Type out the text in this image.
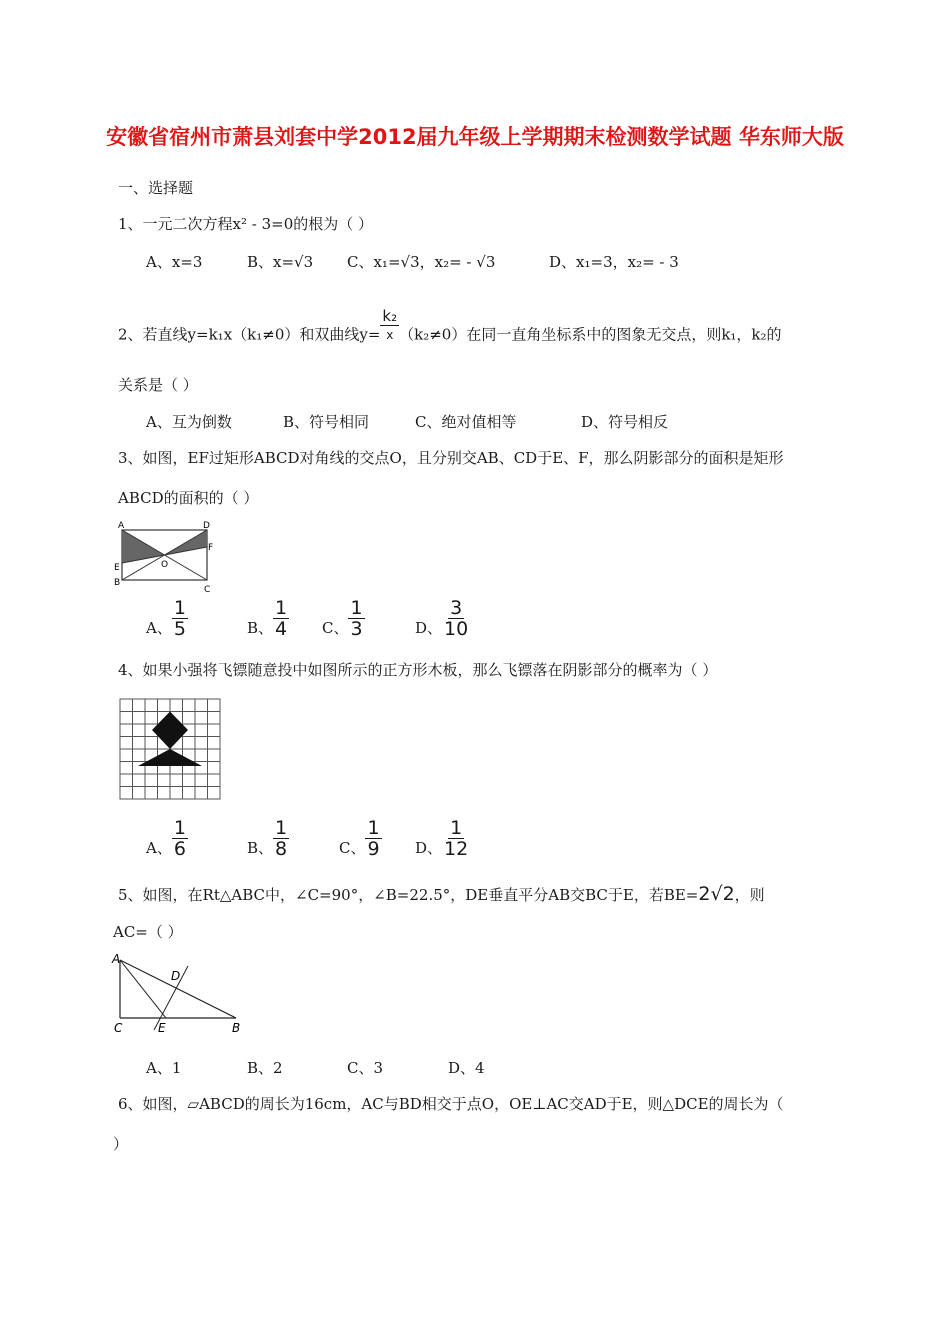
安徽省宿州市萧县刘套中学2012届九年级上学期期末检测数学试题 华东师大版
一、选择题
1、一元二次方程x² - 3=0的根为（ ）
A、x=3	B、x=√3 C、x₁=√3，x₂= - √3	D、x₁=3，x₂= - 3
2、若直线y=k₁x（k₁≠0）和双曲线$y= \frac{\text{k₂}}{x} (k_2\ne 0)$在同一直角坐标系中的图象无交点，则k₁，k₂的
关系是（ ）
A、互为倒数	B、符号相同	C、绝对值相等	D、符号相反
3、如图，EF过矩形ABCD对角线的交点O，且分别交AB、CD于E、F，那么阴影部分的面积是矩形
ABCD的面积的（ ）
A	D
F
E
B
C
O
A、 $\frac{1}{5}$	B、 $\frac{1}{4}$ C、 $\frac{1}{3}$	D、 $\frac{3}{10}$
4、如果小强将飞镖随意投中如图所示的正方形木板，那么飞镖落在阴影部分的概率为（ ）
A、 $\frac{1}{6}$	B、 $\frac{1}{8}$	C、 $\frac{1}{9}$ D、 $\frac{1}{12}$
5、如图，在Rt△ABC中，∠C=90°，∠B=22.5°，DE垂直平分AB交BC于E，若BE=2√2，则
AC=（ ）
A
D
C	E	B
A、1	B、2	C、3	D、4
6、如图，▱ABCD的周长为16cm，AC与BD相交于点O，OE⊥AC交AD于E，则△DCE的周长为（
）
